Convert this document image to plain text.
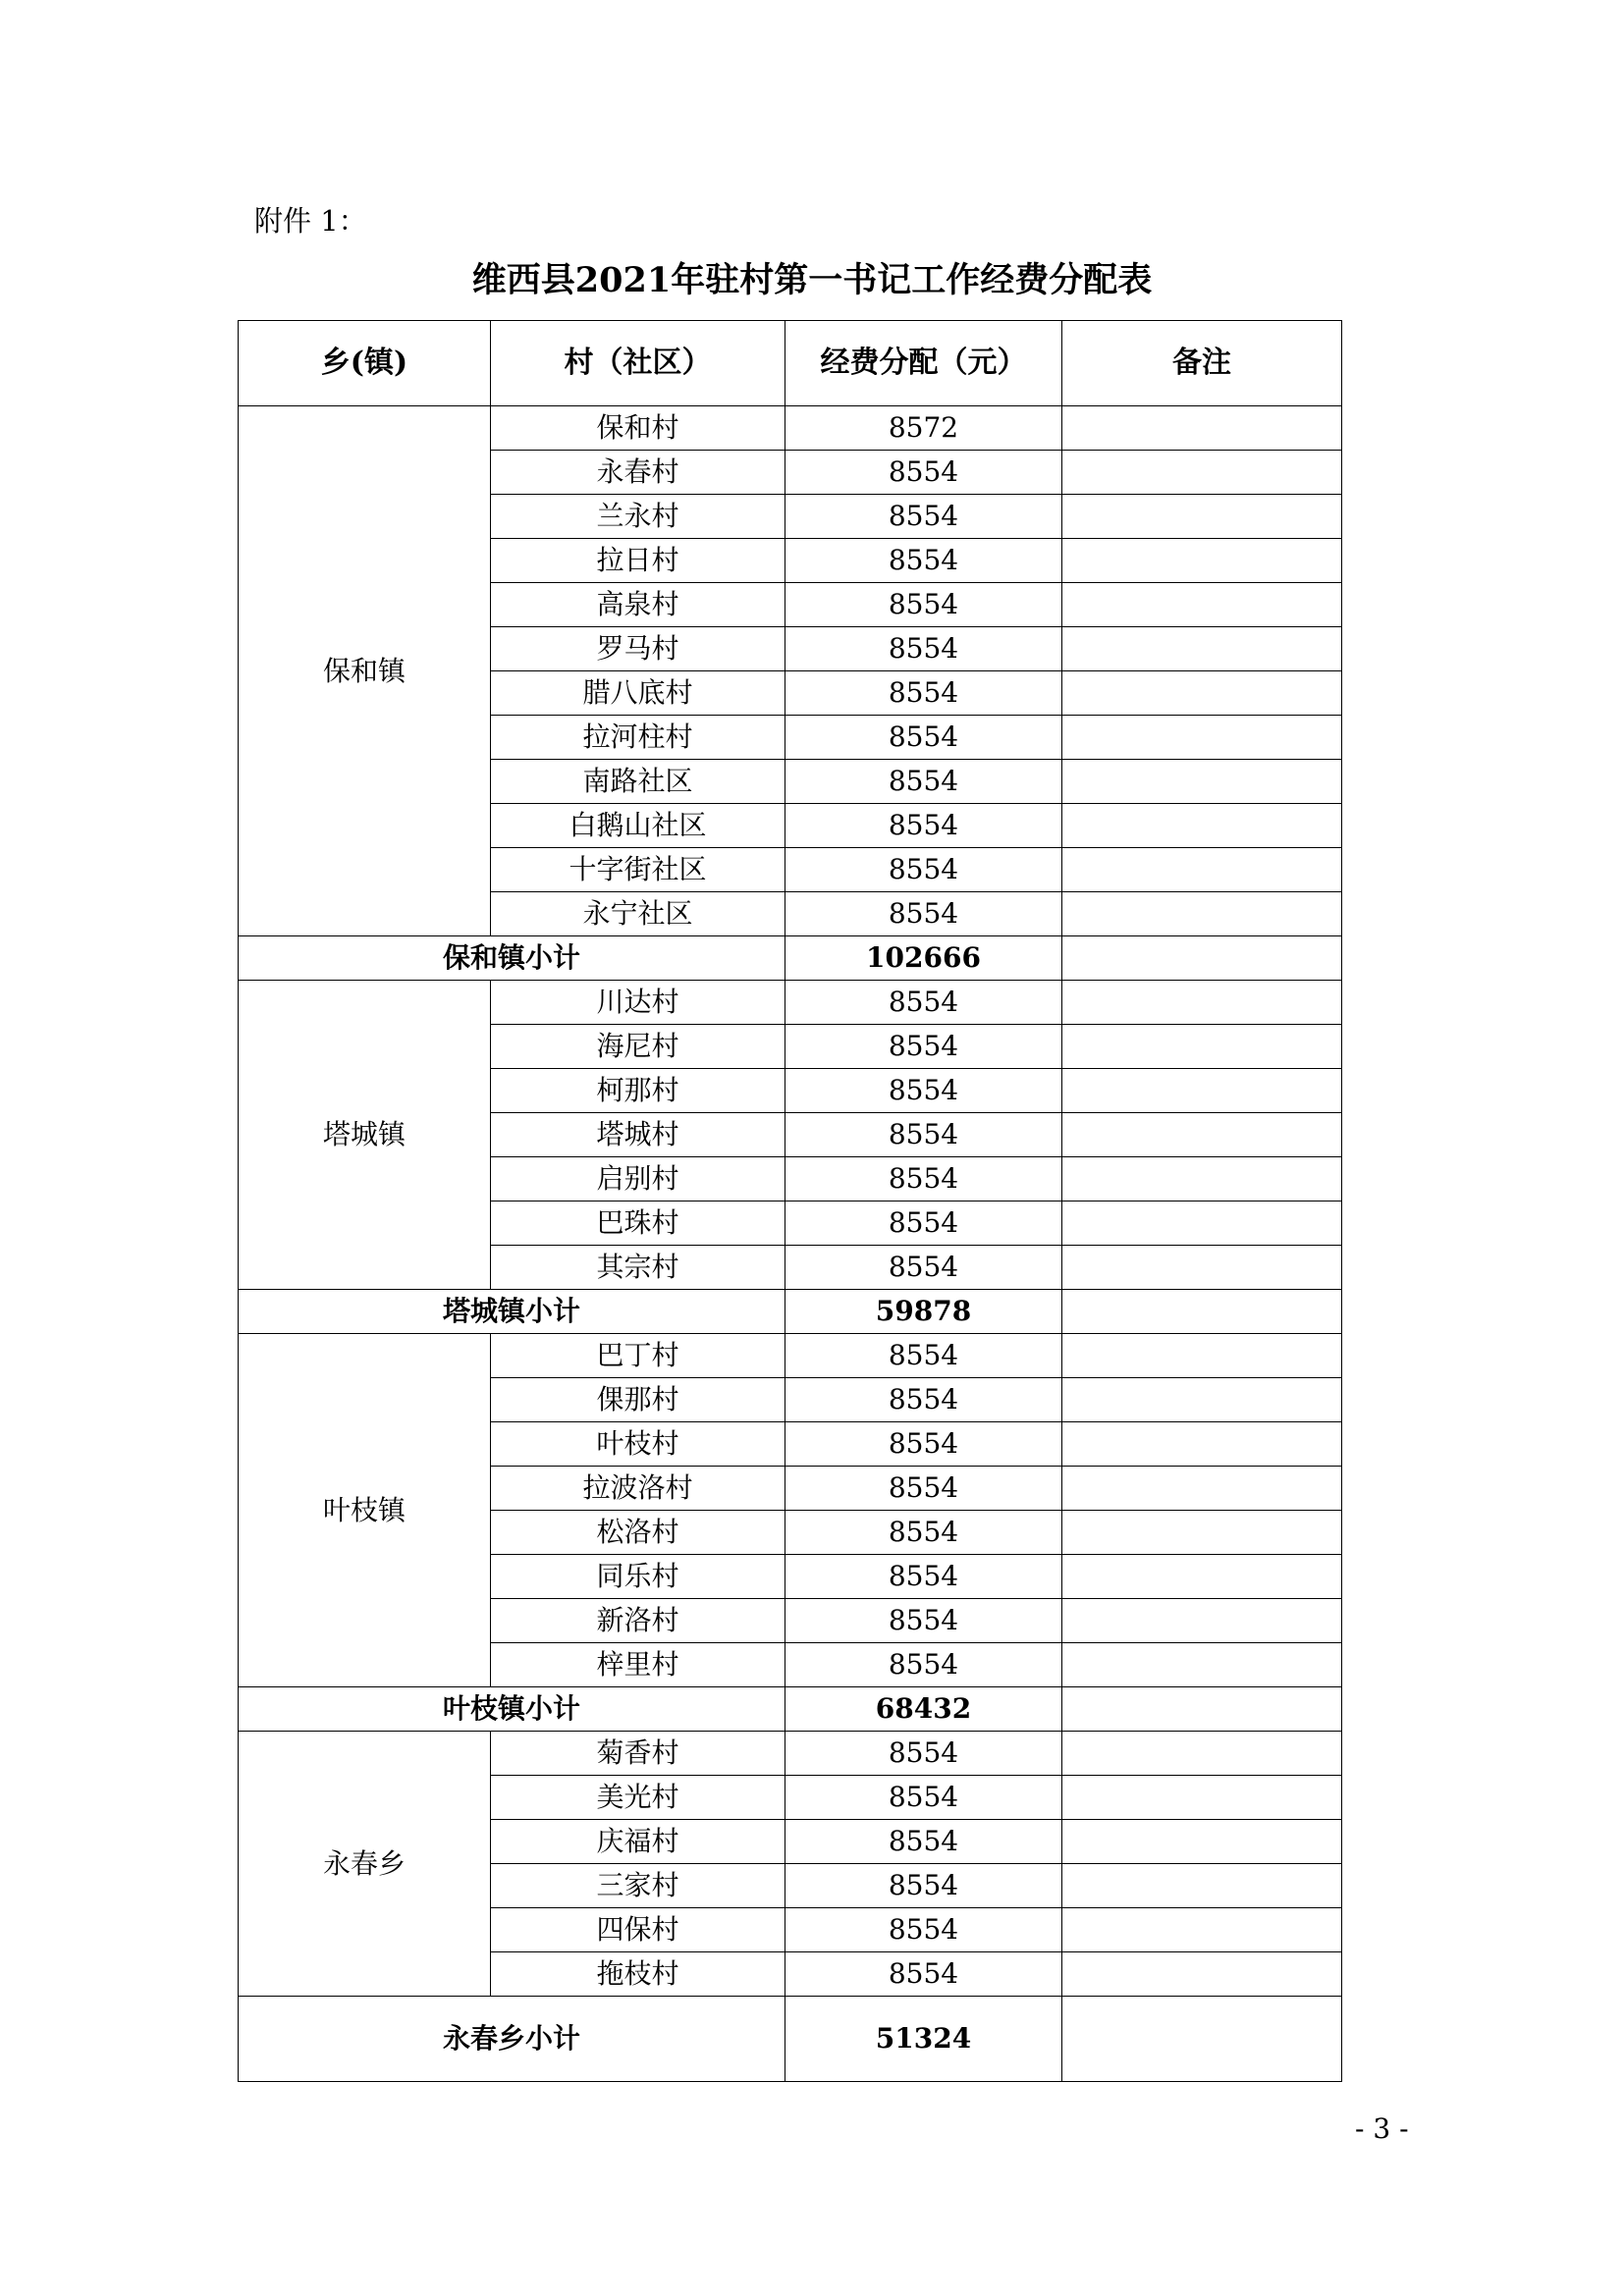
附件 1：
维西县2021年驻村第一书记工作经费分配表
乡(镇)	村（社区）	经费分配（元）	备注
保和镇	保和村	8572	
	永春村	8554	
	兰永村	8554	
	拉日村	8554	
	高泉村	8554	
	罗马村	8554	
	腊八底村	8554	
	拉河柱村	8554	
	南路社区	8554	
	白鹅山社区	8554	
	十字街社区	8554	
	永宁社区	8554	
保和镇小计		102666	
塔城镇	川达村	8554	
	海尼村	8554	
	柯那村	8554	
	塔城村	8554	
	启别村	8554	
	巴珠村	8554	
	其宗村	8554	
塔城镇小计		59878	
叶枝镇	巴丁村	8554	
	倮那村	8554	
	叶枝村	8554	
	拉波洛村	8554	
	松洛村	8554	
	同乐村	8554	
	新洛村	8554	
	梓里村	8554	
叶枝镇小计		68432	
永春乡	菊香村	8554	
	美光村	8554	
	庆福村	8554	
	三家村	8554	
	四保村	8554	
	拖枝村	8554	
永春乡小计		51324	
- 3 -
